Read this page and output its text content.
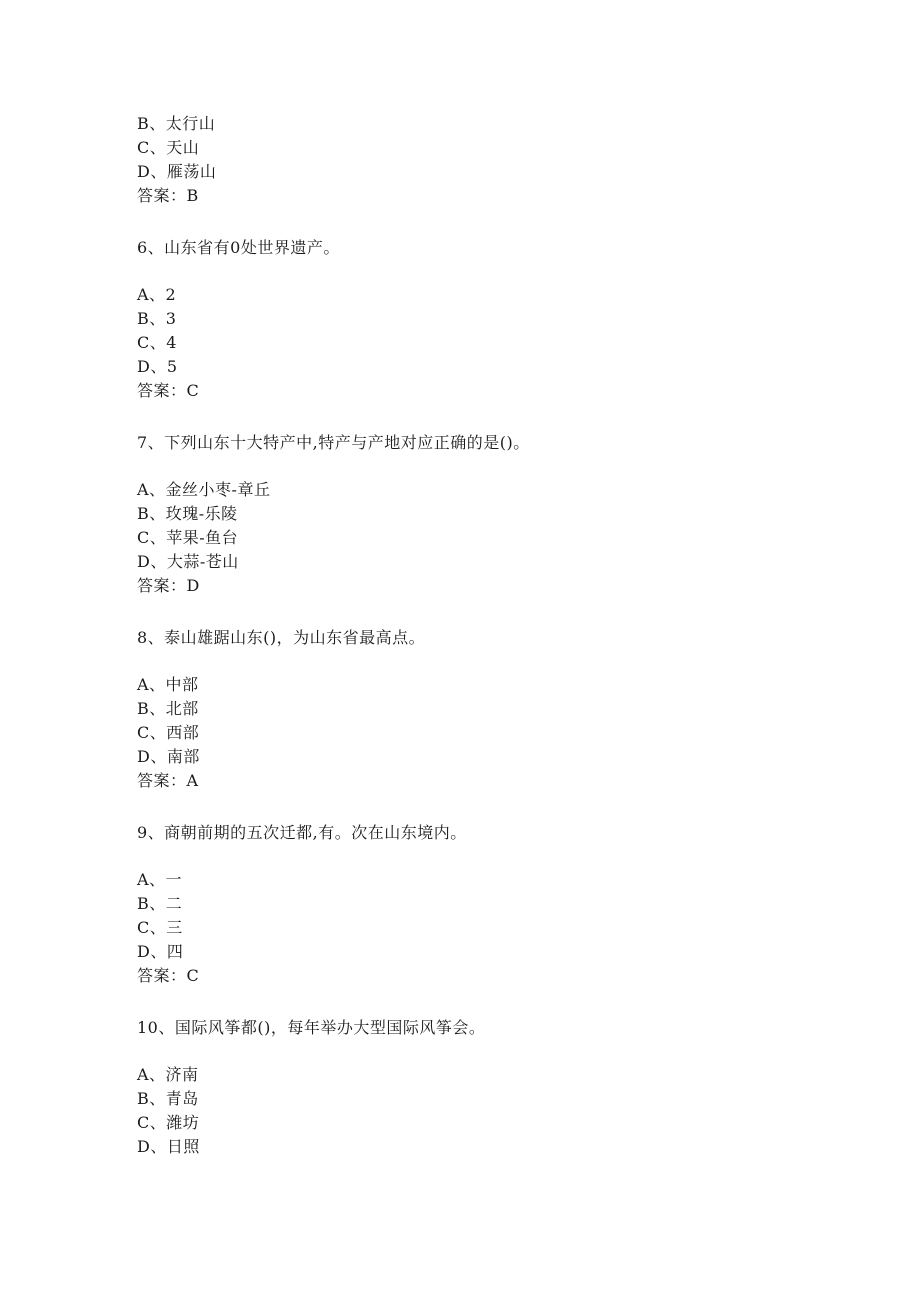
B、太行山
C、天山
D、雁荡山
答案：B
6、山东省有0处世界遗产。
A、2
B、3
C、4
D、5
答案：C
7、下列山东十大特产中,特产与产地对应正确的是()。
A、金丝小枣-章丘
B、玫瑰-乐陵
C、苹果-鱼台
D、大蒜-苍山
答案：D
8、泰山雄踞山东()，为山东省最高点。
A、中部
B、北部
C、西部
D、南部
答案：A
9、商朝前期的五次迁都,有。次在山东境内。
A、一
B、二
C、三
D、四
答案：C
10、国际风筝都()，每年举办大型国际风筝会。
A、济南
B、青岛
C、潍坊
D、日照
